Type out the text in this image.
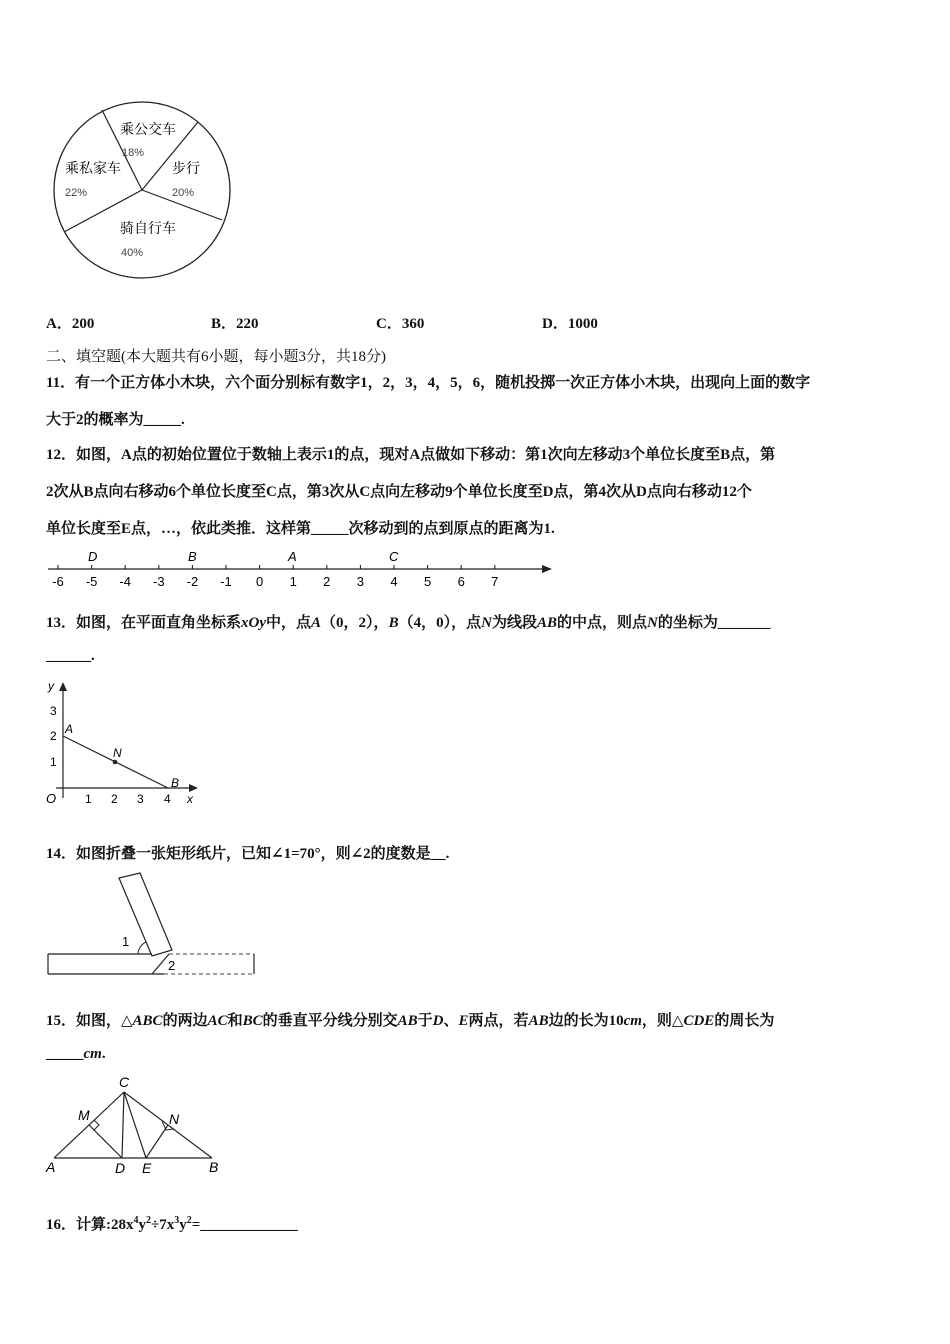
乘公交车
18%
步行
20%
骑自行车
40%
乘私家车
22%
A．200	B．220	C．360	D．1000
二、填空题(本大题共有6小题，每小题3分，共18分)
11．有一个正方体小木块，六个面分别标有数字1，2，3，4，5，6，随机投掷一次正方体小木块，出现向上面的数字
大于2的概率为_____.
12．如图，A点的初始位置位于数轴上表示1的点，现对A点做如下移动：第1次向左移动3个单位长度至B点，第
2次从B点向右移动6个单位长度至C点，第3次从C点向左移动9个单位长度至D点，第4次从D点向右移动12个
单位长度至E点，…，依此类推．这样第_____次移动到的点到原点的距离为1.
-6 -5 -4 -3 -2 -1 0 1 2 3 4 5 6 7
D	B	A	C
13．如图，在平面直角坐标系xOy中，点A（0，2），B（4，0），点N为线段AB的中点，则点N的坐标为_______
______.
y
x
O
A
B
N
3
2
1
1 2 3 4
14．如图折叠一张矩形纸片，已知∠1=70°，则∠2的度数是__.
1
2
15．如图，△ABC的两边AC和BC的垂直平分线分别交AB于D、E两点，若AB边的长为10cm，则△CDE的周长为
_____cm.
C
M	N
A	D E	B
16．计算$:28x^4y^2\div 7x^3y^2=\_\_\_\_\_\_\_\_\_\_\_\_\_$
